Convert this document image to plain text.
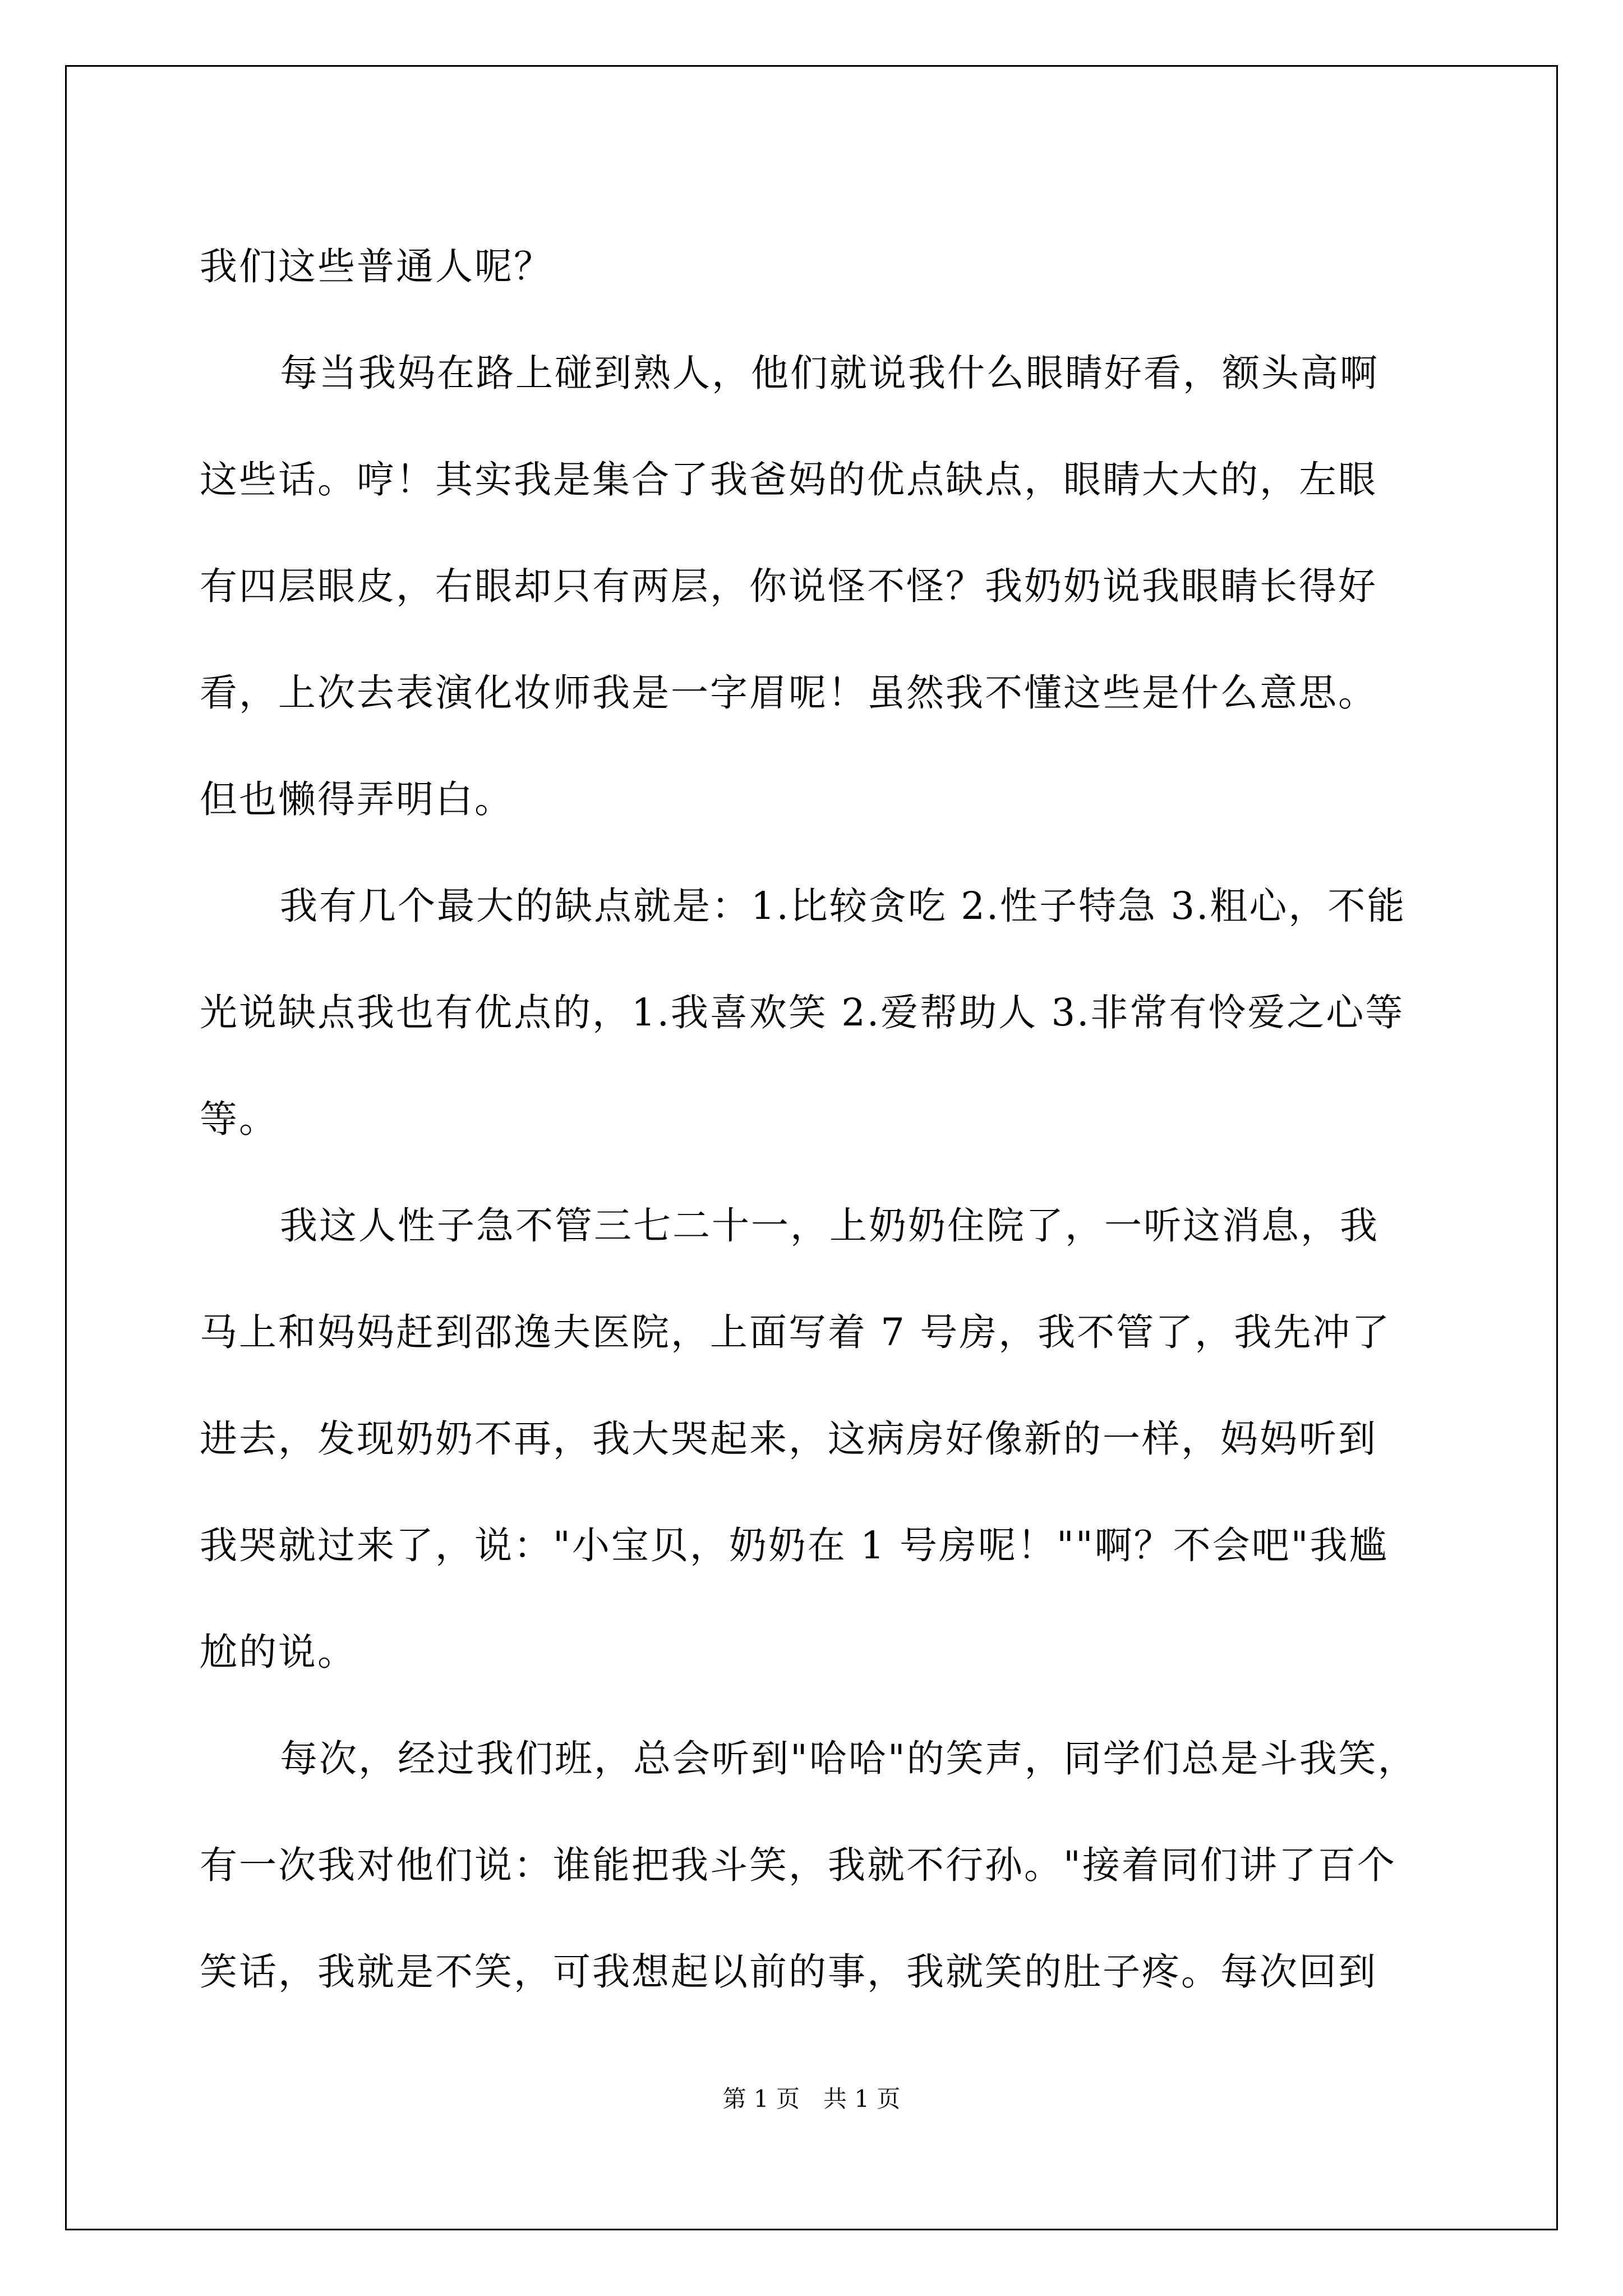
我们这些普通人呢？
每当我妈在路上碰到熟人，他们就说我什么眼睛好看，额头高啊
这些话。哼！其实我是集合了我爸妈的优点缺点，眼睛大大的，左眼
有四层眼皮，右眼却只有两层，你说怪不怪？我奶奶说我眼睛长得好
看，上次去表演化妆师我是一字眉呢！虽然我不懂这些是什么意思。
但也懒得弄明白。
我有几个最大的缺点就是：1.比较贪吃 2.性子特急 3.粗心，不能
光说缺点我也有优点的，1.我喜欢笑 2.爱帮助人 3.非常有怜爱之心等
等。
我这人性子急不管三七二十一，上奶奶住院了，一听这消息，我
马上和妈妈赶到邵逸夫医院，上面写着 7 号房，我不管了，我先冲了
进去，发现奶奶不再，我大哭起来，这病房好像新的一样，妈妈听到
我哭就过来了，说："小宝贝，奶奶在 1 号房呢！""啊？不会吧"我尴
尬的说。
每次，经过我们班，总会听到"哈哈"的笑声，同学们总是斗我笑，
有一次我对他们说：谁能把我斗笑，我就不行孙。"接着同们讲了百个
笑话，我就是不笑，可我想起以前的事，我就笑的肚子疼。每次回到
第 1 页　共 1 页
